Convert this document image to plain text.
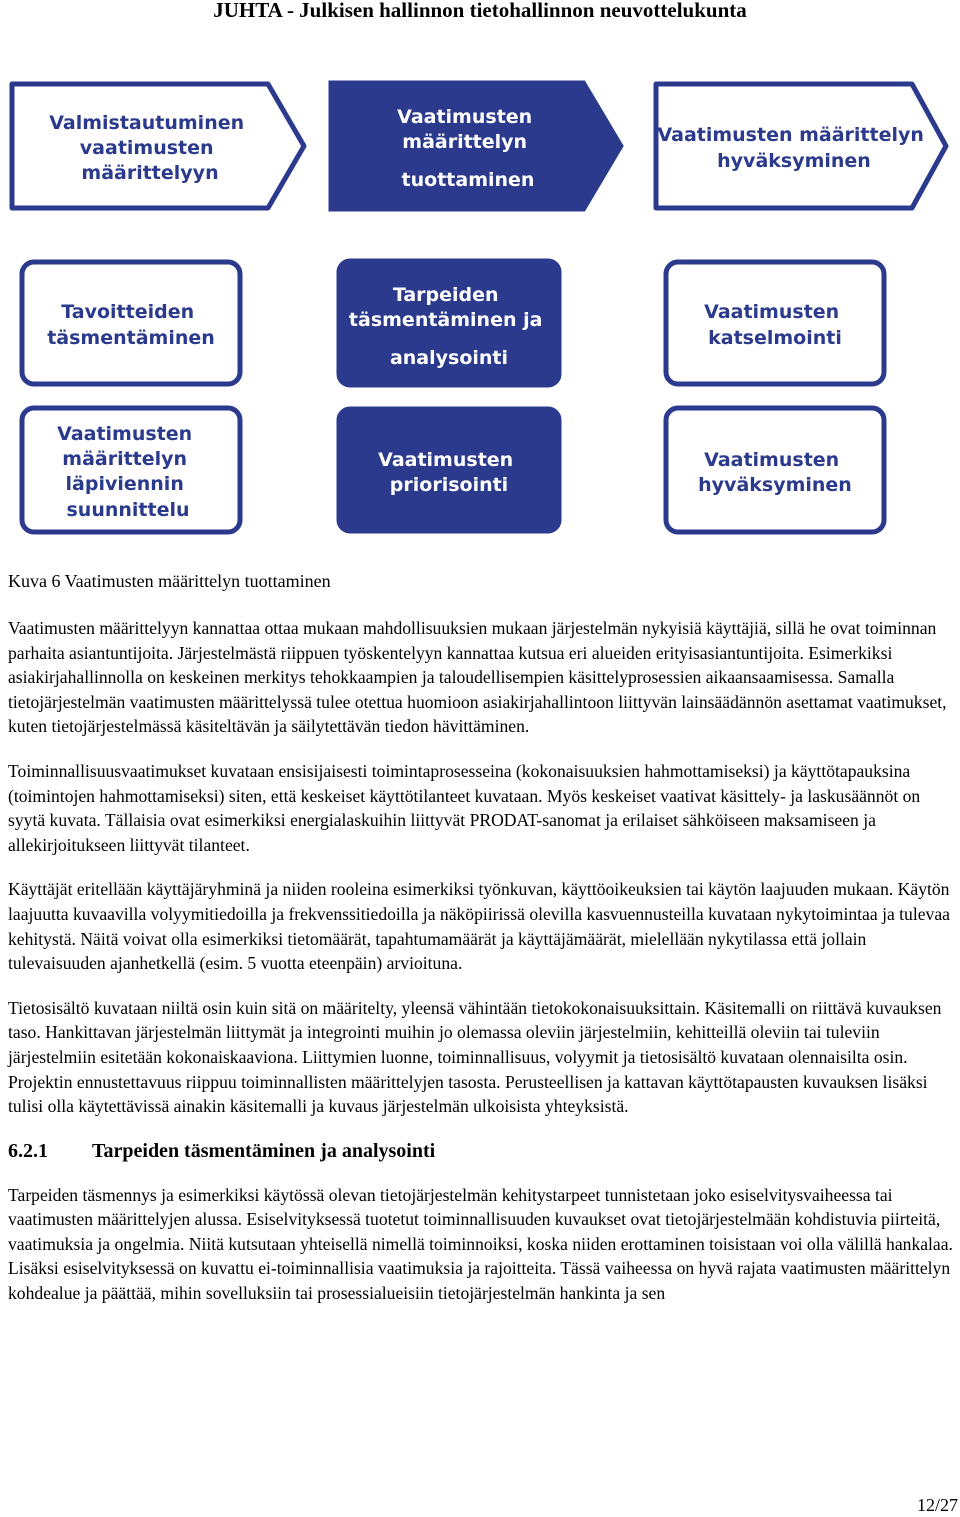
JUHTA - Julkisen hallinnon tietohallinnon neuvottelukunta
Valmistautuminen vaatimusten määrittelyyn
Vaatimusten määrittelyn tuottaminen
Vaatimusten määrittelyn hyväksyminen
Tavoitteiden täsmentäminen
Tarpeiden täsmentäminen ja analysointi
Vaatimusten katselmointi
Vaatimusten määrittelyn läpiviennin suunnittelu
Vaatimusten priorisointi
Vaatimusten hyväksyminen
Kuva 6 Vaatimusten määrittelyn tuottaminen

Vaatimusten määrittelyyn kannattaa ottaa mukaan mahdollisuuksien mukaan järjestelmän nykyisiä käyttäjiä, sillä he ovat toiminnan parhaita asiantuntijoita. Järjestelmästä riippuen työskentelyyn kannattaa kutsua eri alueiden erityisasiantuntijoita. Esimerkiksi asiakirjahallinnolla on keskeinen merkitys tehokkaampien ja taloudellisempien käsittelyprosessien aikaansaamisessa. Samalla tietojärjestelmän vaatimusten määrittelyssä tulee otettua huomioon asiakirjahallintoon liittyvän lainsäädännön asettamat vaatimukset, kuten tietojärjestelmässä käsiteltävän ja säilytettävän tiedon hävittäminen.

Toiminnallisuusvaatimukset kuvataan ensisijaisesti toimintaprosesseina (kokonaisuuksien hahmottamiseksi) ja käyttötapauksina (toimintojen hahmottamiseksi) siten, että keskeiset käyttötilanteet kuvataan. Myös keskeiset vaativat käsittely- ja laskusäännöt on syytä kuvata. Tällaisia ovat esimerkiksi energialaskuihin liittyvät PRODAT-sanomat ja erilaiset sähköiseen maksamiseen ja allekirjoitukseen liittyvät tilanteet.

Käyttäjät eritellään käyttäjäryhminä ja niiden rooleina esimerkiksi työnkuvan, käyttöoikeuksien tai käytön laajuuden mukaan. Käytön laajuutta kuvaavilla volyymitiedoilla ja frekvenssitiedoilla ja näköpiirissä olevilla kasvuennusteilla kuvataan nykytoimintaa ja tulevaa kehitystä. Näitä voivat olla esimerkiksi tietomäärät, tapahtumamäärät ja käyttäjämäärät, mielellään nykytilassa että jollain tulevaisuuden ajanhetkellä (esim. 5 vuotta eteenpäin) arvioituna.

Tietosisältö kuvataan niiltä osin kuin sitä on määritelty, yleensä vähintään tietokokonaisuuksittain. Käsitemalli on riittävä kuvauksen taso. Hankittavan järjestelmän liittymät ja integrointi muihin jo olemassa oleviin järjestelmiin, kehitteillä oleviin tai tuleviin järjestelmiin esitetään kokonaiskaaviona. Liittymien luonne, toiminnallisuus, volyymit ja tietosisältö kuvataan olennaisilta osin. Projektin ennustettavuus riippuu toiminnallisten määrittelyjen tasosta. Perusteellisen ja kattavan käyttötapausten kuvauksen lisäksi tulisi olla käytettävissä ainakin käsitemalli ja kuvaus järjestelmän ulkoisista yhteyksistä.

6.2.1 Tarpeiden täsmentäminen ja analysointi

Tarpeiden täsmennys ja esimerkiksi käytössä olevan tietojärjestelmän kehitystarpeet tunnistetaan joko esiselvitysvaiheessa tai vaatimusten määrittelyjen alussa. Esiselvityksessä tuotetut toiminnallisuuden kuvaukset ovat tietojärjestelmään kohdistuvia piirteitä, vaatimuksia ja ongelmia. Niitä kutsutaan yhteisellä nimellä toiminnoiksi, koska niiden erottaminen toisistaan voi olla välillä hankalaa. Lisäksi esiselvityksessä on kuvattu ei-toiminnallisia vaatimuksia ja rajoitteita. Tässä vaiheessa on hyvä rajata vaatimusten määrittelyn kohdealue ja päättää, mihin sovelluksiin tai prosessialueisiin tietojärjestelmän hankinta ja sen

12/27
